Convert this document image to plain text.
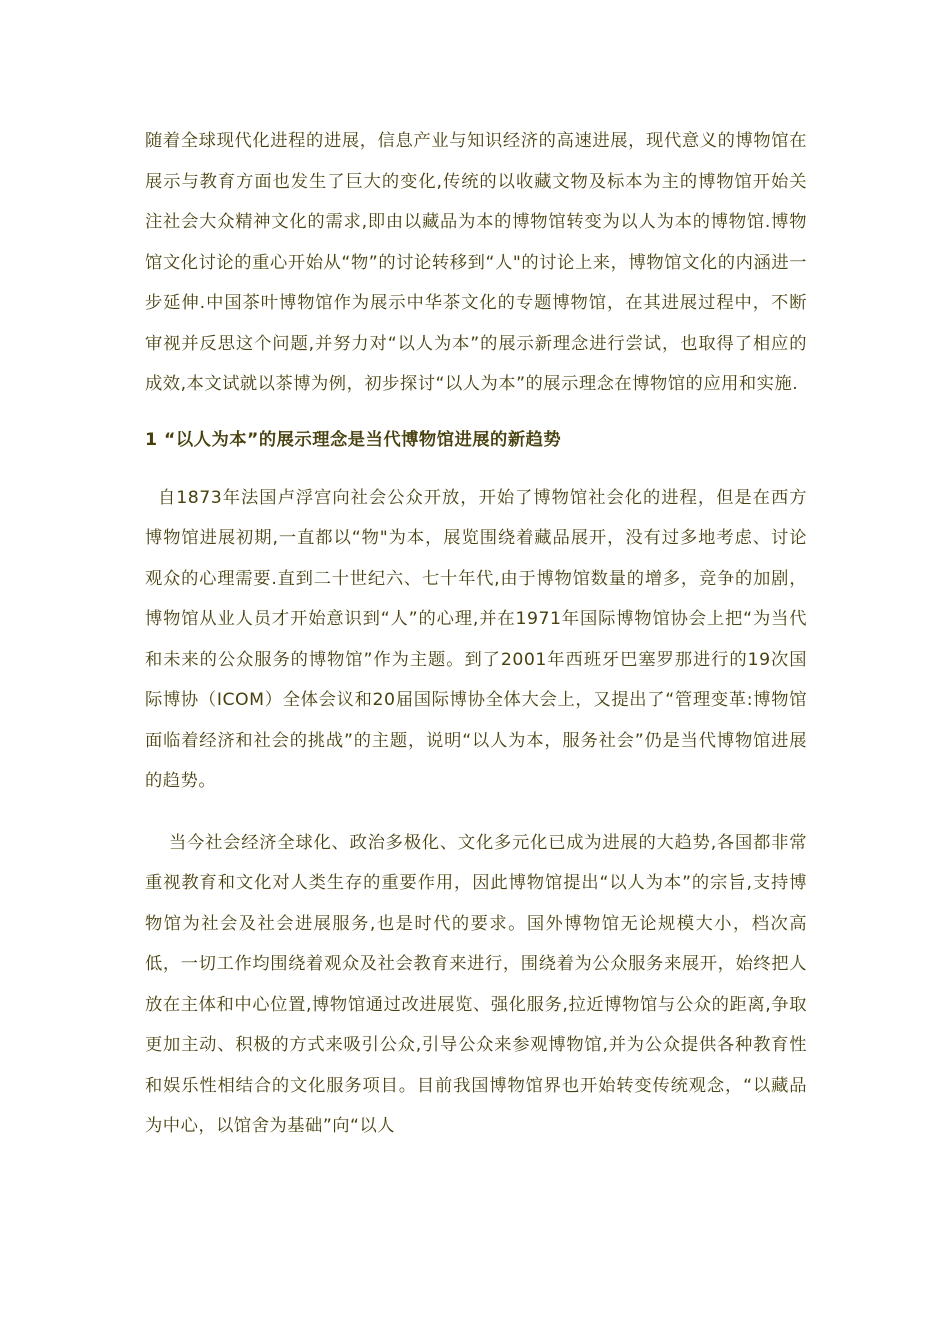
随着全球现代化进程的进展，信息产业与知识经济的高速进展，现代意义的博物馆在展示与教育方面也发生了巨大的变化,传统的以收藏文物及标本为主的博物馆开始关注社会大众精神文化的需求,即由以藏品为本的博物馆转变为以人为本的博物馆.博物馆文化讨论的重心开始从“物”的讨论转移到“人"的讨论上来，博物馆文化的内涵进一步延伸.中国茶叶博物馆作为展示中华茶文化的专题博物馆，在其进展过程中，不断审视并反思这个问题,并努力对“以人为本”的展示新理念进行尝试，也取得了相应的成效,本文试就以茶博为例，初步探讨“以人为本”的展示理念在博物馆的应用和实施.

1 “以人为本”的展示理念是当代博物馆进展的新趋势

自1873年法国卢浮宫向社会公众开放，开始了博物馆社会化的进程，但是在西方博物馆进展初期,一直都以“物"为本，展览围绕着藏品展开，没有过多地考虑、讨论观众的心理需要.直到二十世纪六、七十年代,由于博物馆数量的增多，竞争的加剧，博物馆从业人员才开始意识到“人”的心理,并在1971年国际博物馆协会上把“为当代和未来的公众服务的博物馆”作为主题。到了2001年西班牙巴塞罗那进行的19次国际博协（ICOM）全体会议和20届国际博协全体大会上，又提出了“管理变革:博物馆面临着经济和社会的挑战”的主题，说明“以人为本，服务社会”仍是当代博物馆进展的趋势。

当今社会经济全球化、政治多极化、文化多元化已成为进展的大趋势,各国都非常重视教育和文化对人类生存的重要作用，因此博物馆提出“以人为本”的宗旨,支持博物馆为社会及社会进展服务,也是时代的要求。国外博物馆无论规模大小，档次高低，一切工作均围绕着观众及社会教育来进行，围绕着为公众服务来展开，始终把人放在主体和中心位置,博物馆通过改进展览、强化服务,拉近博物馆与公众的距离,争取更加主动、积极的方式来吸引公众,引导公众来参观博物馆,并为公众提供各种教育性和娱乐性相结合的文化服务项目。目前我国博物馆界也开始转变传统观念，“以藏品为中心，以馆舍为基础”向“以人
